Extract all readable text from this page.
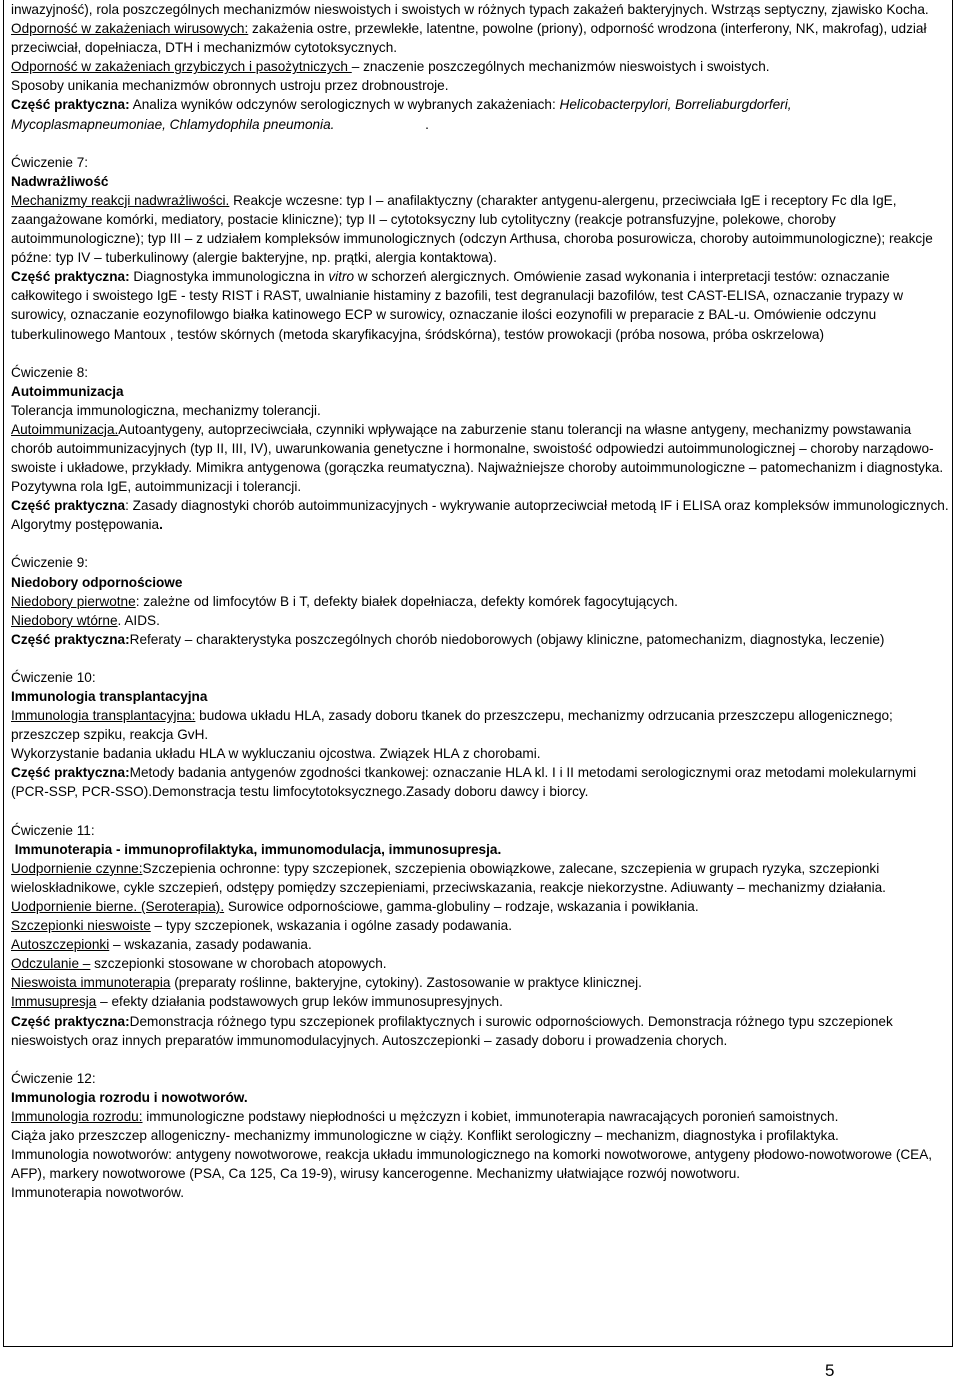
inwazyjność), rola poszczególnych mechanizmów nieswoistych i swoistych w różnych typach zakażeń bakteryjnych. Wstrząs septyczny, zjawisko Kocha.

Odporność w zakażeniach wirusowych: zakażenia ostre, przewlekłe, latentne, powolne (priony), odporność wrodzona (interferony, NK, makrofag), udział przeciwciał, dopełniacza, DTH i mechanizmów cytotoksycznych.

Odporność w zakażeniach grzybiczych i pasożytniczych – znaczenie poszczególnych mechanizmów nieswoistych i swoistych.

Sposoby unikania mechanizmów obronnych ustroju przez drobnoustroje.

Część praktyczna: Analiza wyników odczynów serologicznych w wybranych zakażeniach: Helicobacterpylori, Borreliaburgdorferi, Mycoplasmapneumoniae, Chlamydophila pneumonia.                        .

Ćwiczenie 7:

Nadwrażliwość

Mechanizmy reakcji nadwrażliwości. Reakcje wczesne: typ I – anafilaktyczny (charakter antygenu-alergenu, przeciwciała IgE i receptory Fc dla IgE, zaangażowane komórki, mediatory, postacie kliniczne); typ II – cytotoksyczny lub cytolityczny (reakcje potransfuzyjne, polekowe, choroby autoimmunologiczne); typ III – z udziałem kompleksów immunologicznych (odczyn Arthusa, choroba posurowicza, choroby autoimmunologiczne); reakcje późne: typ IV – tuberkulinowy (alergie bakteryjne, np. prątki, alergia kontaktowa).

Część praktyczna: Diagnostyka immunologiczna in vitro w schorzeń alergicznych. Omówienie zasad wykonania i interpretacji testów: oznaczanie całkowitego i swoistego IgE - testy RIST i RAST, uwalnianie histaminy z bazofili, test degranulacji bazofilów, test CAST-ELISA, oznaczanie trypazy w surowicy, oznaczanie eozynofilowgo białka katinowego ECP w surowicy, oznaczanie ilości eozynofili w preparacie z BAL-u. Omówienie odczynu tuberkulinowego Mantoux , testów skórnych (metoda skaryfikacyjna, śródskórna), testów prowokacji (próba nosowa, próba oskrzelowa)

Ćwiczenie 8:

Autoimmunizacja

Tolerancja immunologiczna, mechanizmy tolerancji.

Autoimmunizacja.Autoantygeny, autoprzeciwciała, czynniki wpływające na zaburzenie stanu tolerancji na własne antygeny, mechanizmy powstawania chorób autoimmunizacyjnych (typ II, III, IV), uwarunkowania genetyczne i hormonalne, swoistość odpowiedzi autoimmunologicznej – choroby narządowo-swoiste i układowe, przykłady. Mimikra antygenowa (gorączka reumatyczna). Najważniejsze choroby autoimmunologiczne – patomechanizm i diagnostyka.

Pozytywna rola IgE, autoimmunizacji i tolerancji.

Część praktyczna: Zasady diagnostyki chorób autoimmunizacyjnych - wykrywanie autoprzeciwciał metodą IF i ELISA oraz kompleksów immunologicznych. Algorytmy postępowania.

Ćwiczenie 9:

Niedobory odpornościowe

Niedobory pierwotne: zależne od limfocytów B i T, defekty białek dopełniacza, defekty komórek fagocytujących.

Niedobory wtórne. AIDS.

Część praktyczna:Referaty – charakterystyka poszczególnych chorób niedoborowych (objawy kliniczne, patomechanizm, diagnostyka, leczenie)

Ćwiczenie 10:

Immunologia transplantacyjna

Immunologia transplantacyjna: budowa układu HLA, zasady doboru tkanek do przeszczepu, mechanizmy odrzucania przeszczepu allogenicznego; przeszczep szpiku, reakcja GvH.

Wykorzystanie badania układu HLA w wykluczaniu ojcostwa. Związek HLA z chorobami.

Część praktyczna:Metody badania antygenów zgodności tkankowej: oznaczanie HLA kl. I i II metodami serologicznymi oraz metodami molekularnymi (PCR-SSP, PCR-SSO).Demonstracja testu limfocytotoksycznego.Zasady doboru dawcy i biorcy.

Ćwiczenie 11:

Immunoterapia - immunoprofilaktyka, immunomodulacja, immunosupresja.

Uodpornienie czynne:Szczepienia ochronne: typy szczepionek, szczepienia obowiązkowe, zalecane, szczepienia w grupach ryzyka, szczepionki wieloskładnikowe, cykle szczepień, odstępy pomiędzy szczepieniami, przeciwskazania, reakcje niekorzystne. Adiuwanty – mechanizmy działania.

Uodpornienie bierne. (Seroterapia). Surowice odpornościowe, gamma-globuliny – rodzaje, wskazania i powikłania.

Szczepionki nieswoiste – typy szczepionek, wskazania i ogólne zasady podawania.

Autoszczepionki – wskazania, zasady podawania.

Odczulanie – szczepionki stosowane w chorobach atopowych.

Nieswoista immunoterapia (preparaty roślinne, bakteryjne, cytokiny). Zastosowanie w praktyce klinicznej.

Immusupresja – efekty działania podstawowych grup leków immunosupresyjnych.

Część praktyczna:Demonstracja różnego typu szczepionek profilaktycznych i surowic odpornościowych. Demonstracja różnego typu szczepionek nieswoistych oraz innych preparatów immunomodulacyjnych. Autoszczepionki – zasady doboru i prowadzenia chorych.

Ćwiczenie 12:

Immunologia rozrodu i nowotworów.

Immunologia rozrodu: immunologiczne podstawy niepłodności u mężczyzn i kobiet, immunoterapia nawracających poronień samoistnych.

Ciąża jako przeszczep allogeniczny- mechanizmy immunologiczne w ciąży. Konflikt serologiczny – mechanizm, diagnostyka i profilaktyka.

Immunologia nowotworów: antygeny nowotworowe, reakcja układu immunologicznego na komorki nowotworowe, antygeny płodowo-nowotworowe (CEA, AFP), markery nowotworowe (PSA, Ca 125, Ca 19-9), wirusy kancerogenne. Mechanizmy ułatwiające rozwój nowotworu.

Immunoterapia nowotworów.

5
